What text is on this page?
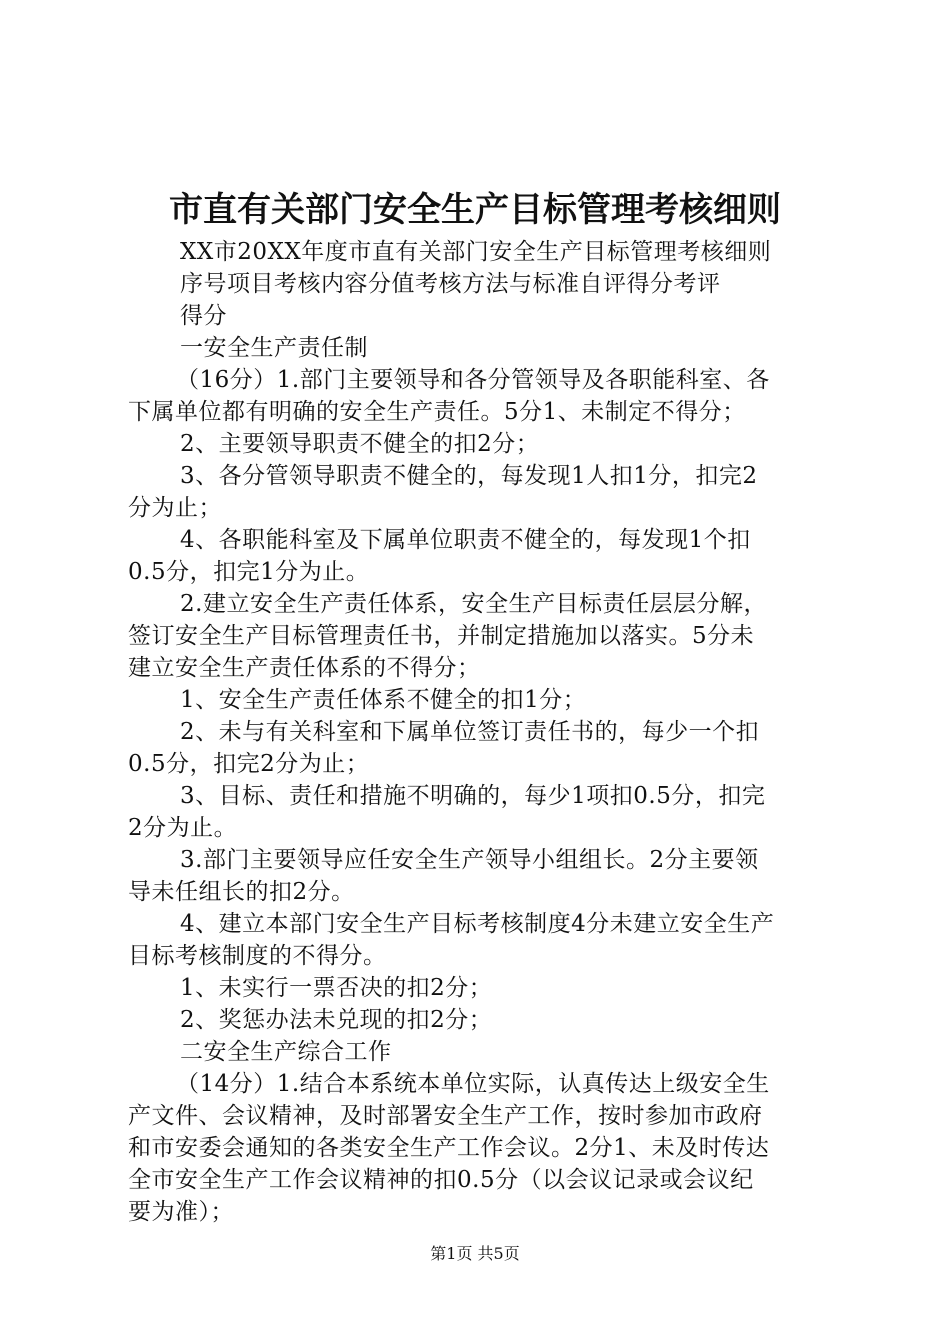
市直有关部门安全生产目标管理考核细则
XX市20XX年度市直有关部门安全生产目标管理考核细则
序号项目考核内容分值考核方法与标准自评得分考评
得分
一安全生产责任制
（16分）1.部门主要领导和各分管领导及各职能科室、各
下属单位都有明确的安全生产责任。5分1、未制定不得分；
2、主要领导职责不健全的扣2分；
3、各分管领导职责不健全的，每发现1人扣1分，扣完2
分为止；
4、各职能科室及下属单位职责不健全的，每发现1个扣
0.5分，扣完1分为止。
2.建立安全生产责任体系，安全生产目标责任层层分解，
签订安全生产目标管理责任书，并制定措施加以落实。5分未
建立安全生产责任体系的不得分；
1、安全生产责任体系不健全的扣1分；
2、未与有关科室和下属单位签订责任书的，每少一个扣
0.5分，扣完2分为止；
3、目标、责任和措施不明确的，每少1项扣0.5分，扣完
2分为止。
3.部门主要领导应任安全生产领导小组组长。2分主要领
导未任组长的扣2分。
4、建立本部门安全生产目标考核制度4分未建立安全生产
目标考核制度的不得分。
1、未实行一票否决的扣2分；
2、奖惩办法未兑现的扣2分；
二安全生产综合工作
（14分）1.结合本系统本单位实际，认真传达上级安全生
产文件、会议精神，及时部署安全生产工作，按时参加市政府
和市安委会通知的各类安全生产工作会议。2分1、未及时传达
全市安全生产工作会议精神的扣0.5分（以会议记录或会议纪
要为准）；
第1页 共5页
